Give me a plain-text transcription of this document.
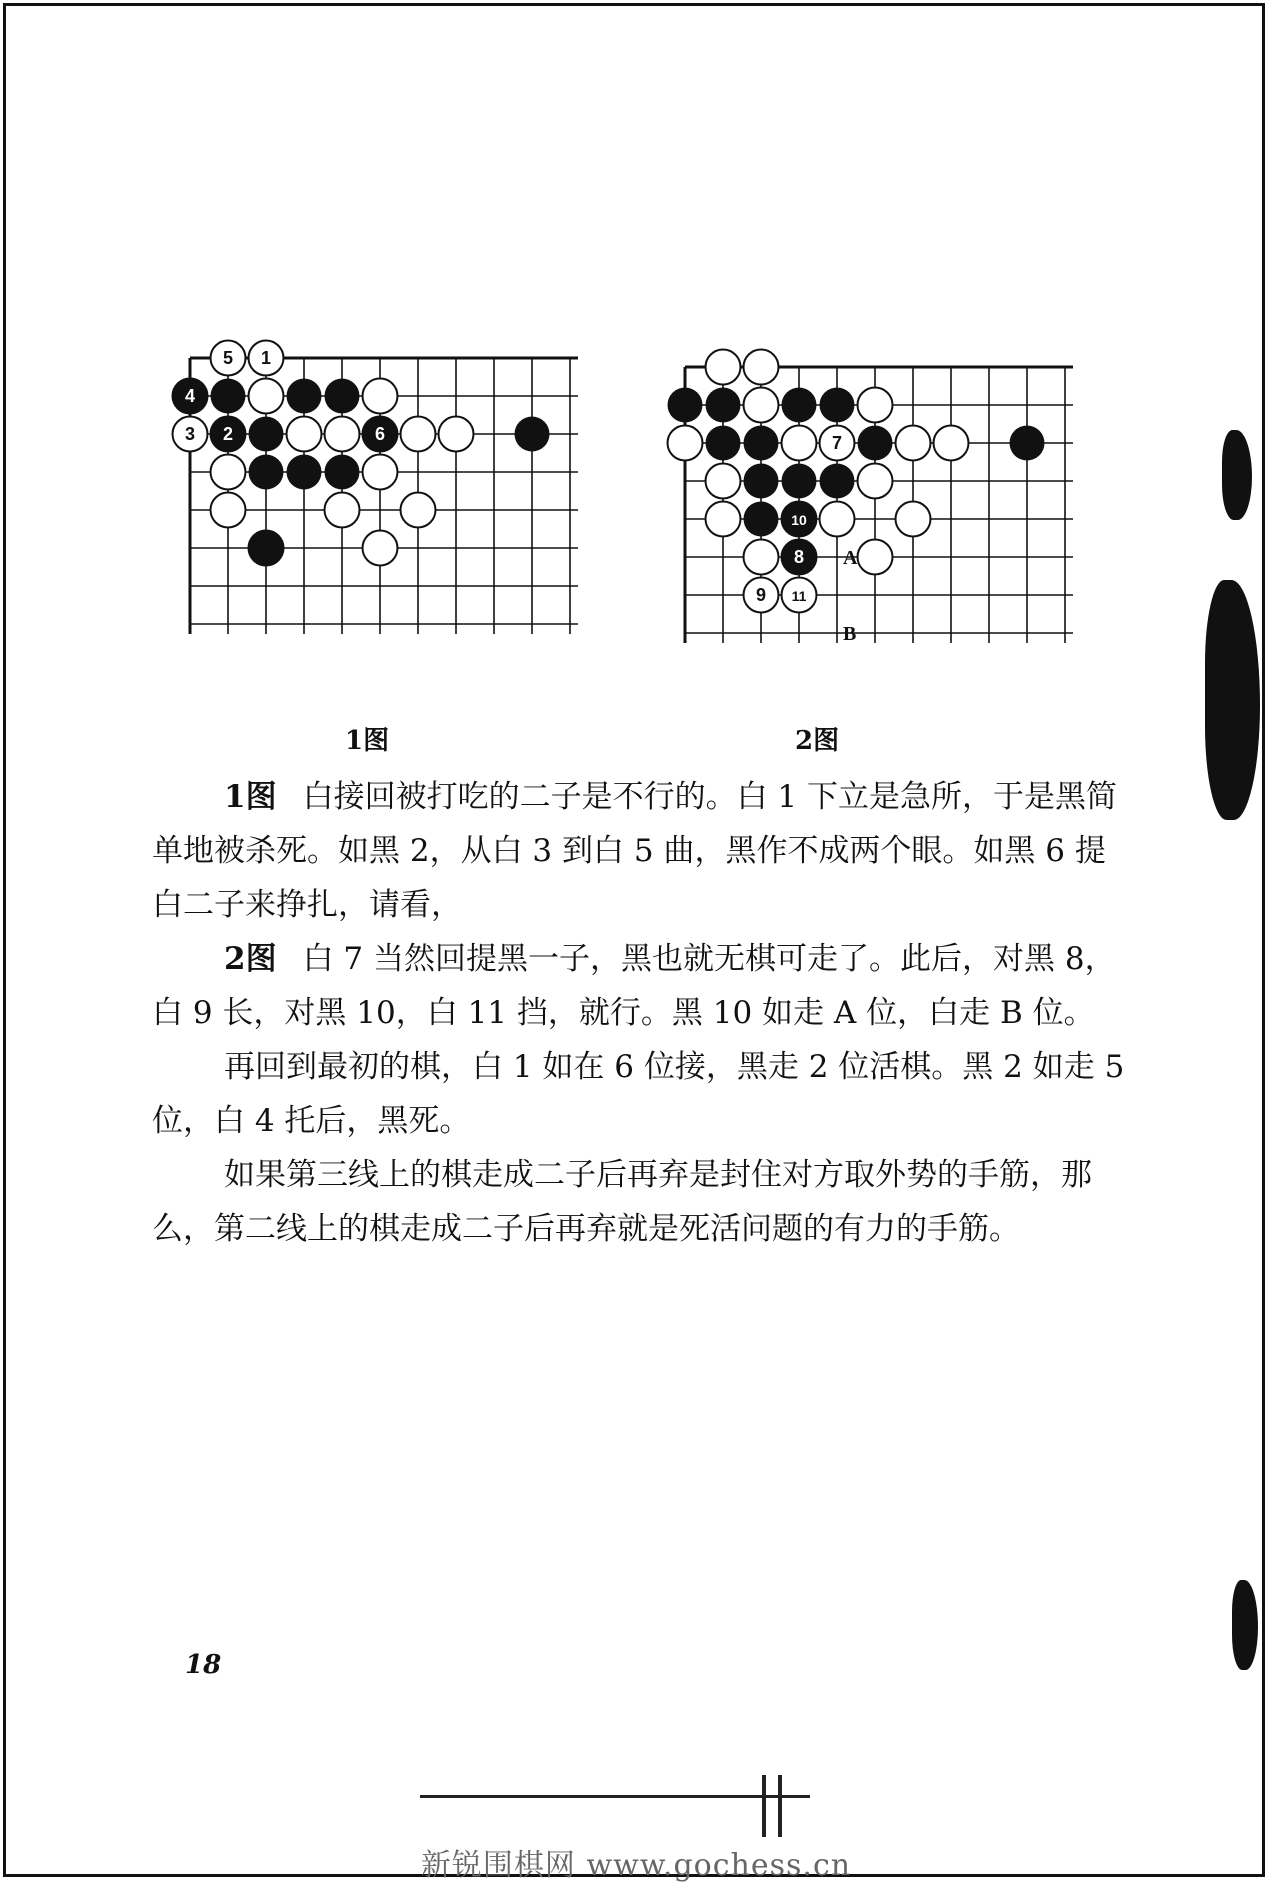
5 1
4
3 2	6	7
10
8
9 11
A
B
1图	2图

1图 白接回被打吃的二子是不行的。白 1 下立是急所，于是黑简单地被杀死。如黑 2，从白 3 到白 5 曲，黑作不成两个眼。如黑 6 提白二子来挣扎，请看，

2图 白 7 当然回提黑一子，黑也就无棋可走了。此后，对黑 8，白 9 长，对黑 10，白 11 挡，就行。黑 10 如走 A 位，白走 B 位。

再回到最初的棋，白 1 如在 6 位接，黑走 2 位活棋。黑 2 如走 5 位，白 4 托后，黑死。

如果第三线上的棋走成二子后再弃是封住对方取外势的手筋，那么，第二线上的棋走成二子后再弃就是死活问题的有力的手筋。

18
新锐围棋网 www.gochess.cn
